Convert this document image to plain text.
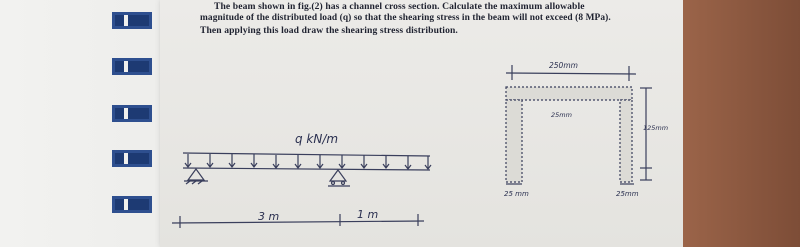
The beam shown in fig.(2) has a channel cross section. Calculate the maximum allowable
magnitude of the distributed load (q) so that the shearing stress in the beam will not exceed (8 MPa).
Then applying this load draw the shearing stress distribution.
q kN/m
3 m	1 m
250mm
25mm
125mm
25 mm	25mm
